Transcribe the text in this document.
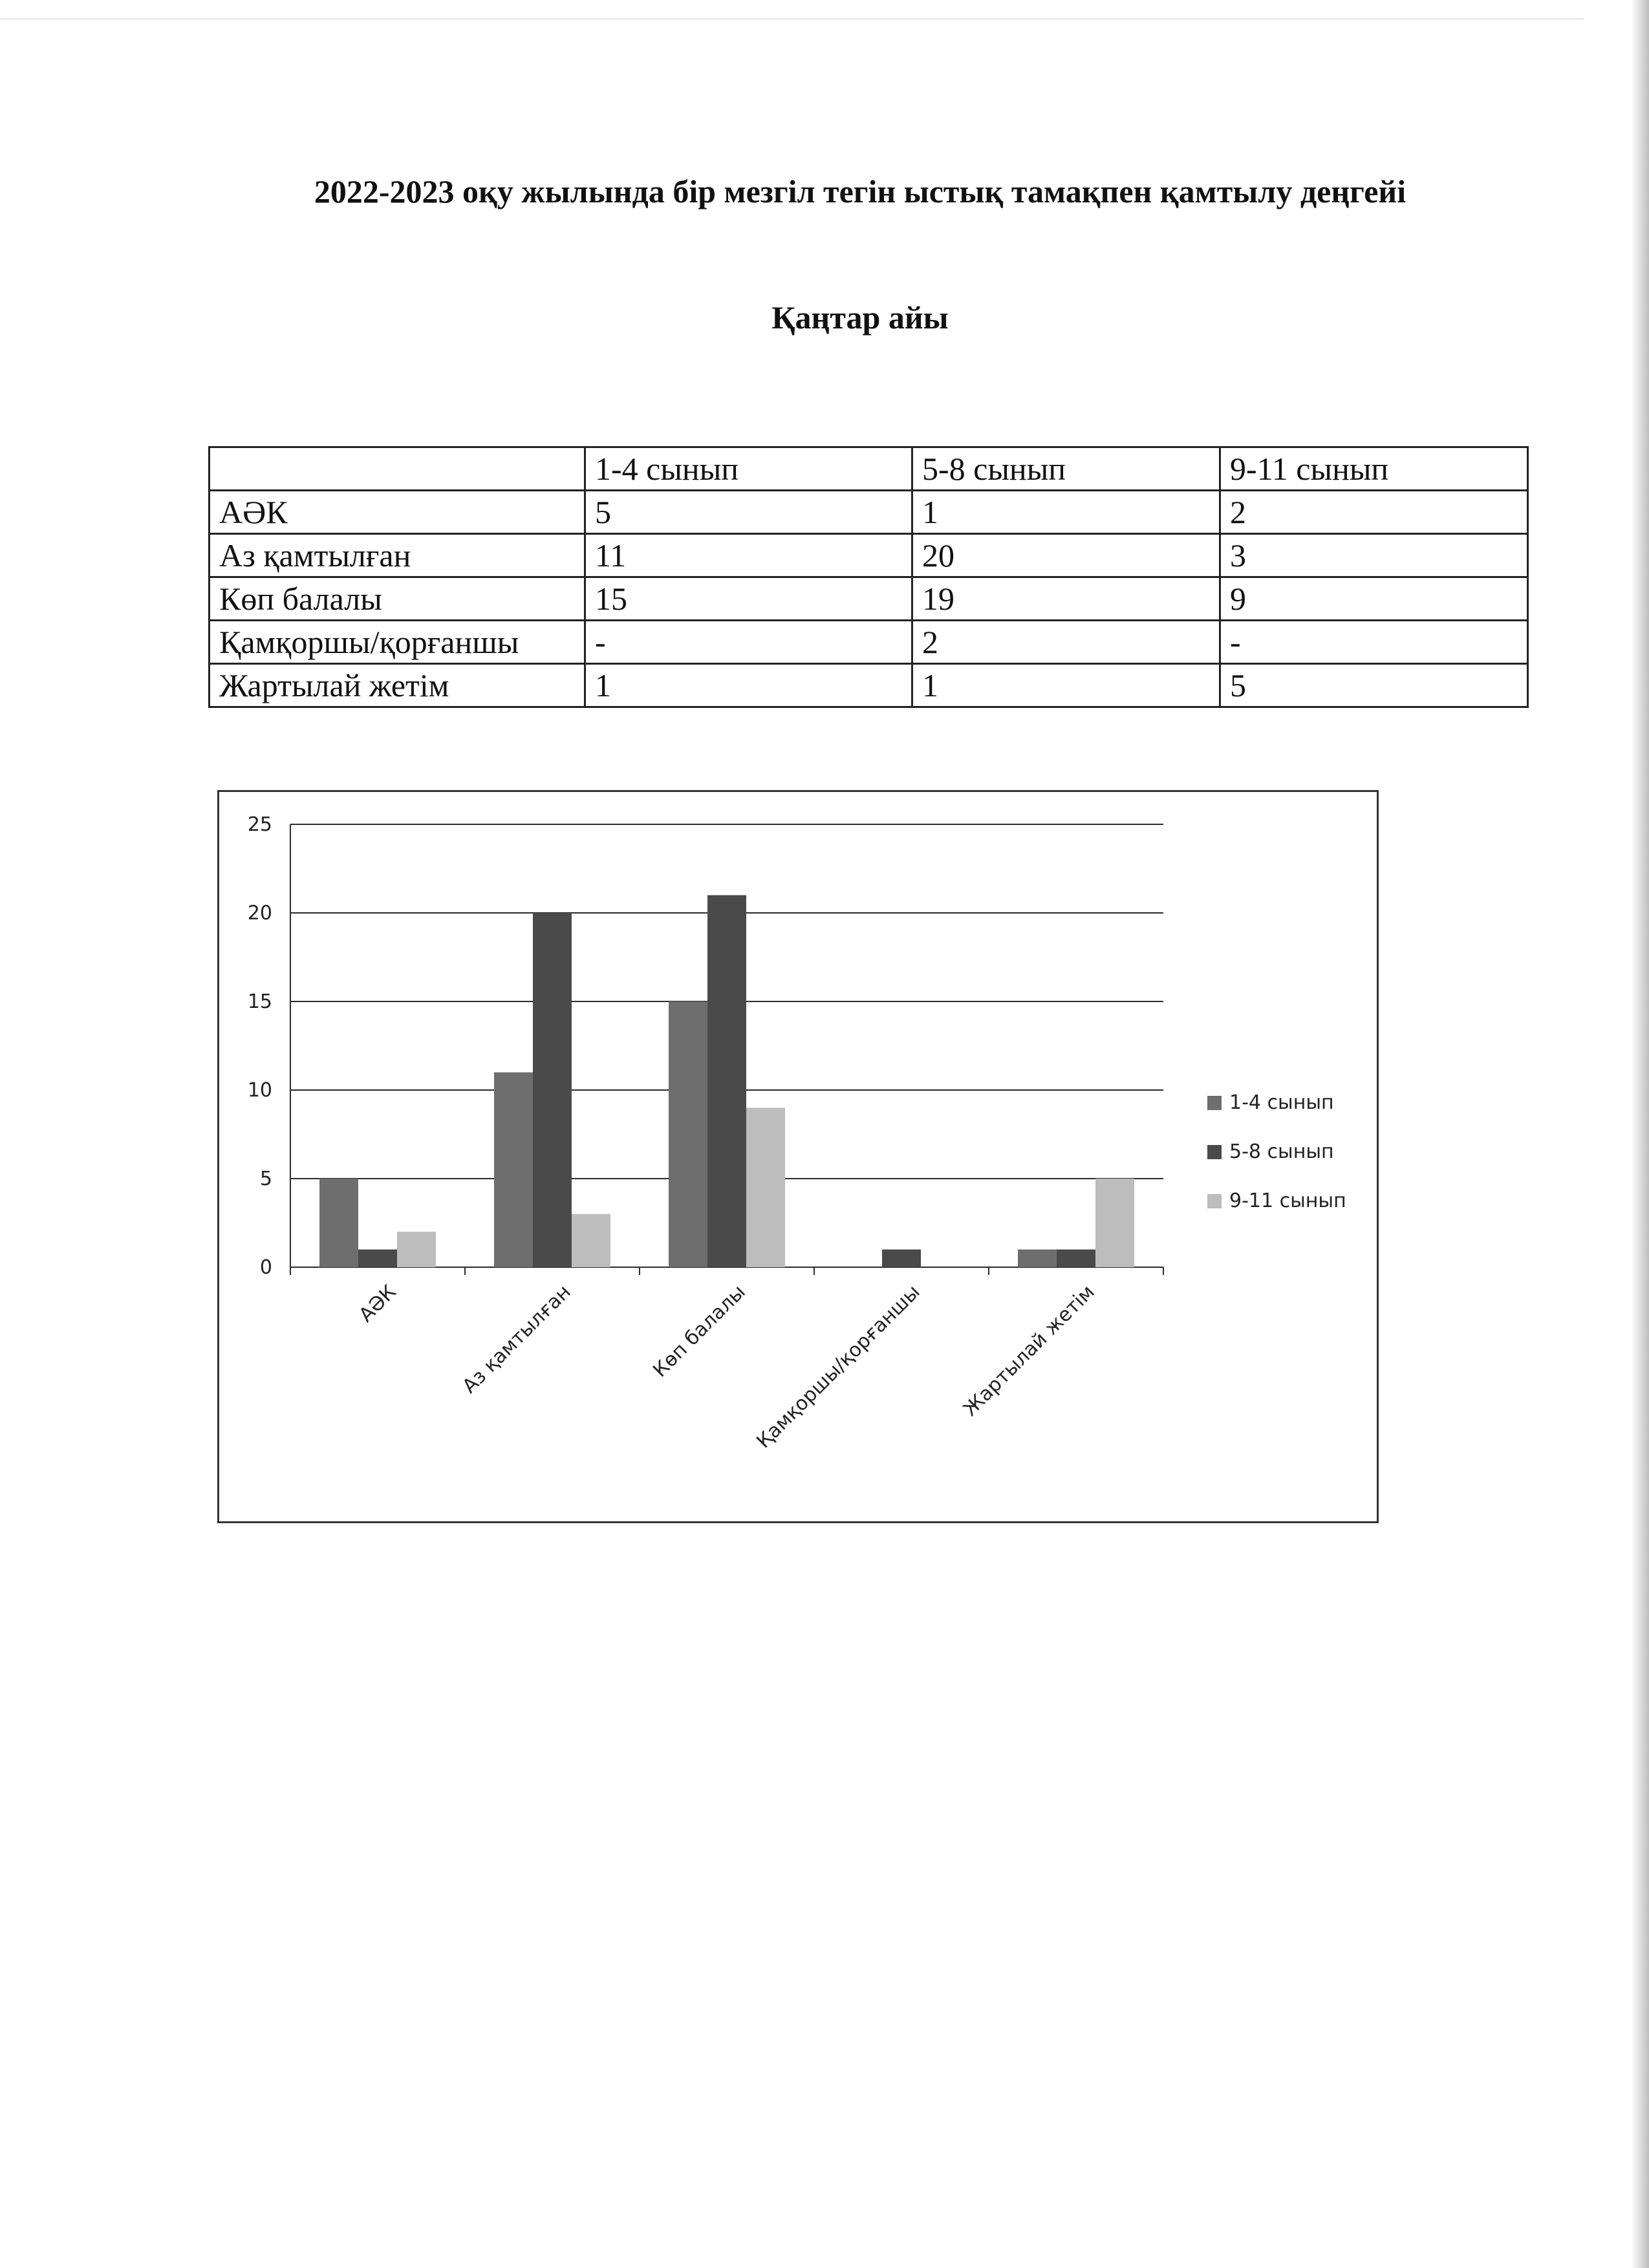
2022-2023 оқу жылында бір мезгіл тегін ыстық тамақпен қамтылу деңгейі
Қаңтар айы
	1-4 сынып	5-8 сынып	9-11 сынып
АӘК	5	1	2
Аз қамтылған	11	20	3
Көп балалы	15	19	9
Қамқоршы/қорғаншы	-	2	-
Жартылай жетім	1	1	5
0
5
10
15
20
25
АӘК	Аз қамтылған	Көп балалы Қамқоршы/қорғаншы Жартылай жетім
1-4 сынып
5-8 сынып
9-11 сынып
